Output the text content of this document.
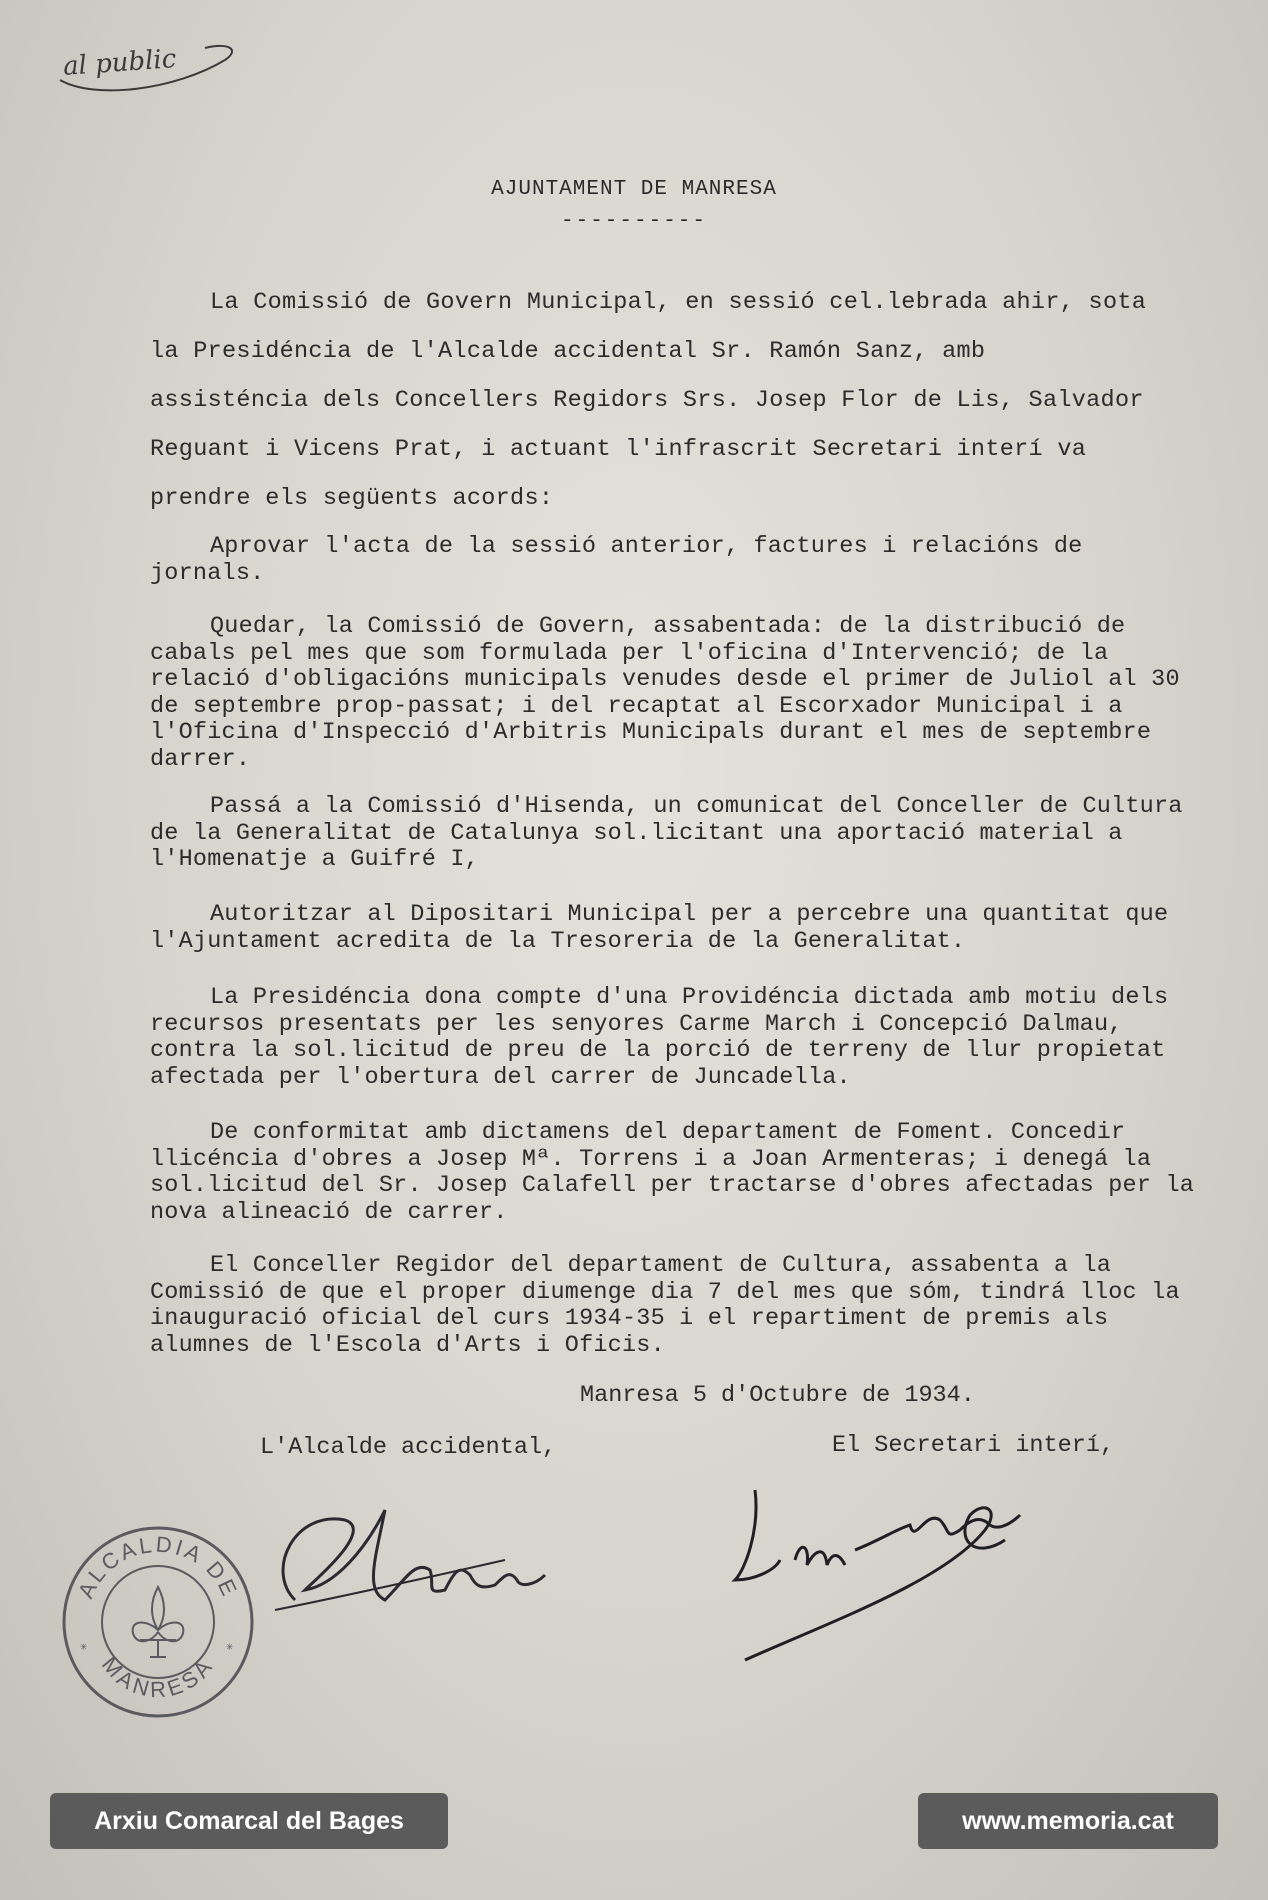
al public
AJUNTAMENT DE MANRESA
----------
La Comissió de Govern Municipal, en sessió cel.lebrada ahir, sota la Presidéncia de l'Alcalde accidental Sr. Ramón Sanz, amb assisténcia dels Concellers Regidors Srs. Josep Flor de Lis, Salvador Reguant i Vicens Prat, i actuant l'infrascrit Secretari interí va prendre els següents acords:
Aprovar l'acta de la sessió anterior, factures i relacións de jornals.
Quedar, la Comissió de Govern, assabentada: de la distribució de cabals pel mes que som formulada per l'oficina d'Intervenció; de la relació d'obligacións municipals venudes desde el primer de Juliol al 30 de septembre prop-passat; i del recaptat al Escorxador Municipal i a l'Oficina d'Inspecció d'Arbitris Municipals durant el mes de septembre darrer.
Passá a la Comissió d'Hisenda, un comunicat del Conceller de Cultura de la Generalitat de Catalunya sol.licitant una aportació material a l'Homenatje a Guifré I,
Autoritzar al Dipositari Municipal per a percebre una quantitat que l'Ajuntament acredita de la Tresoreria de la Generalitat.
La Presidéncia dona compte d'una Providéncia dictada amb motiu dels recursos presentats per les senyores Carme March i Concepció Dalmau, contra la sol.licitud de preu de la porció de terreny de llur propietat afectada per l'obertura del carrer de Juncadella.
De conformitat amb dictamens del departament de Foment. Concedir llicéncia d'obres a Josep Mª. Torrens i a Joan Armenteras; i denegá la sol.licitud del Sr. Josep Calafell per tractarse d'obres afectadas per la nova alineació de carrer.
El Conceller Regidor del departament de Cultura, assabenta a la Comissió de que el proper diumenge dia 7 del mes que sóm, tindrá lloc la inauguració oficial del curs 1934-35 i el repartiment de premis als alumnes de l'Escola d'Arts i Oficis.
Manresa 5 d'Octubre de 1934.
L'Alcalde accidental,	El Secretari interí,
ALCALDIA DE
MANRESA
✳	✳
Arxiu Comarcal del Bages	www.memoria.cat
